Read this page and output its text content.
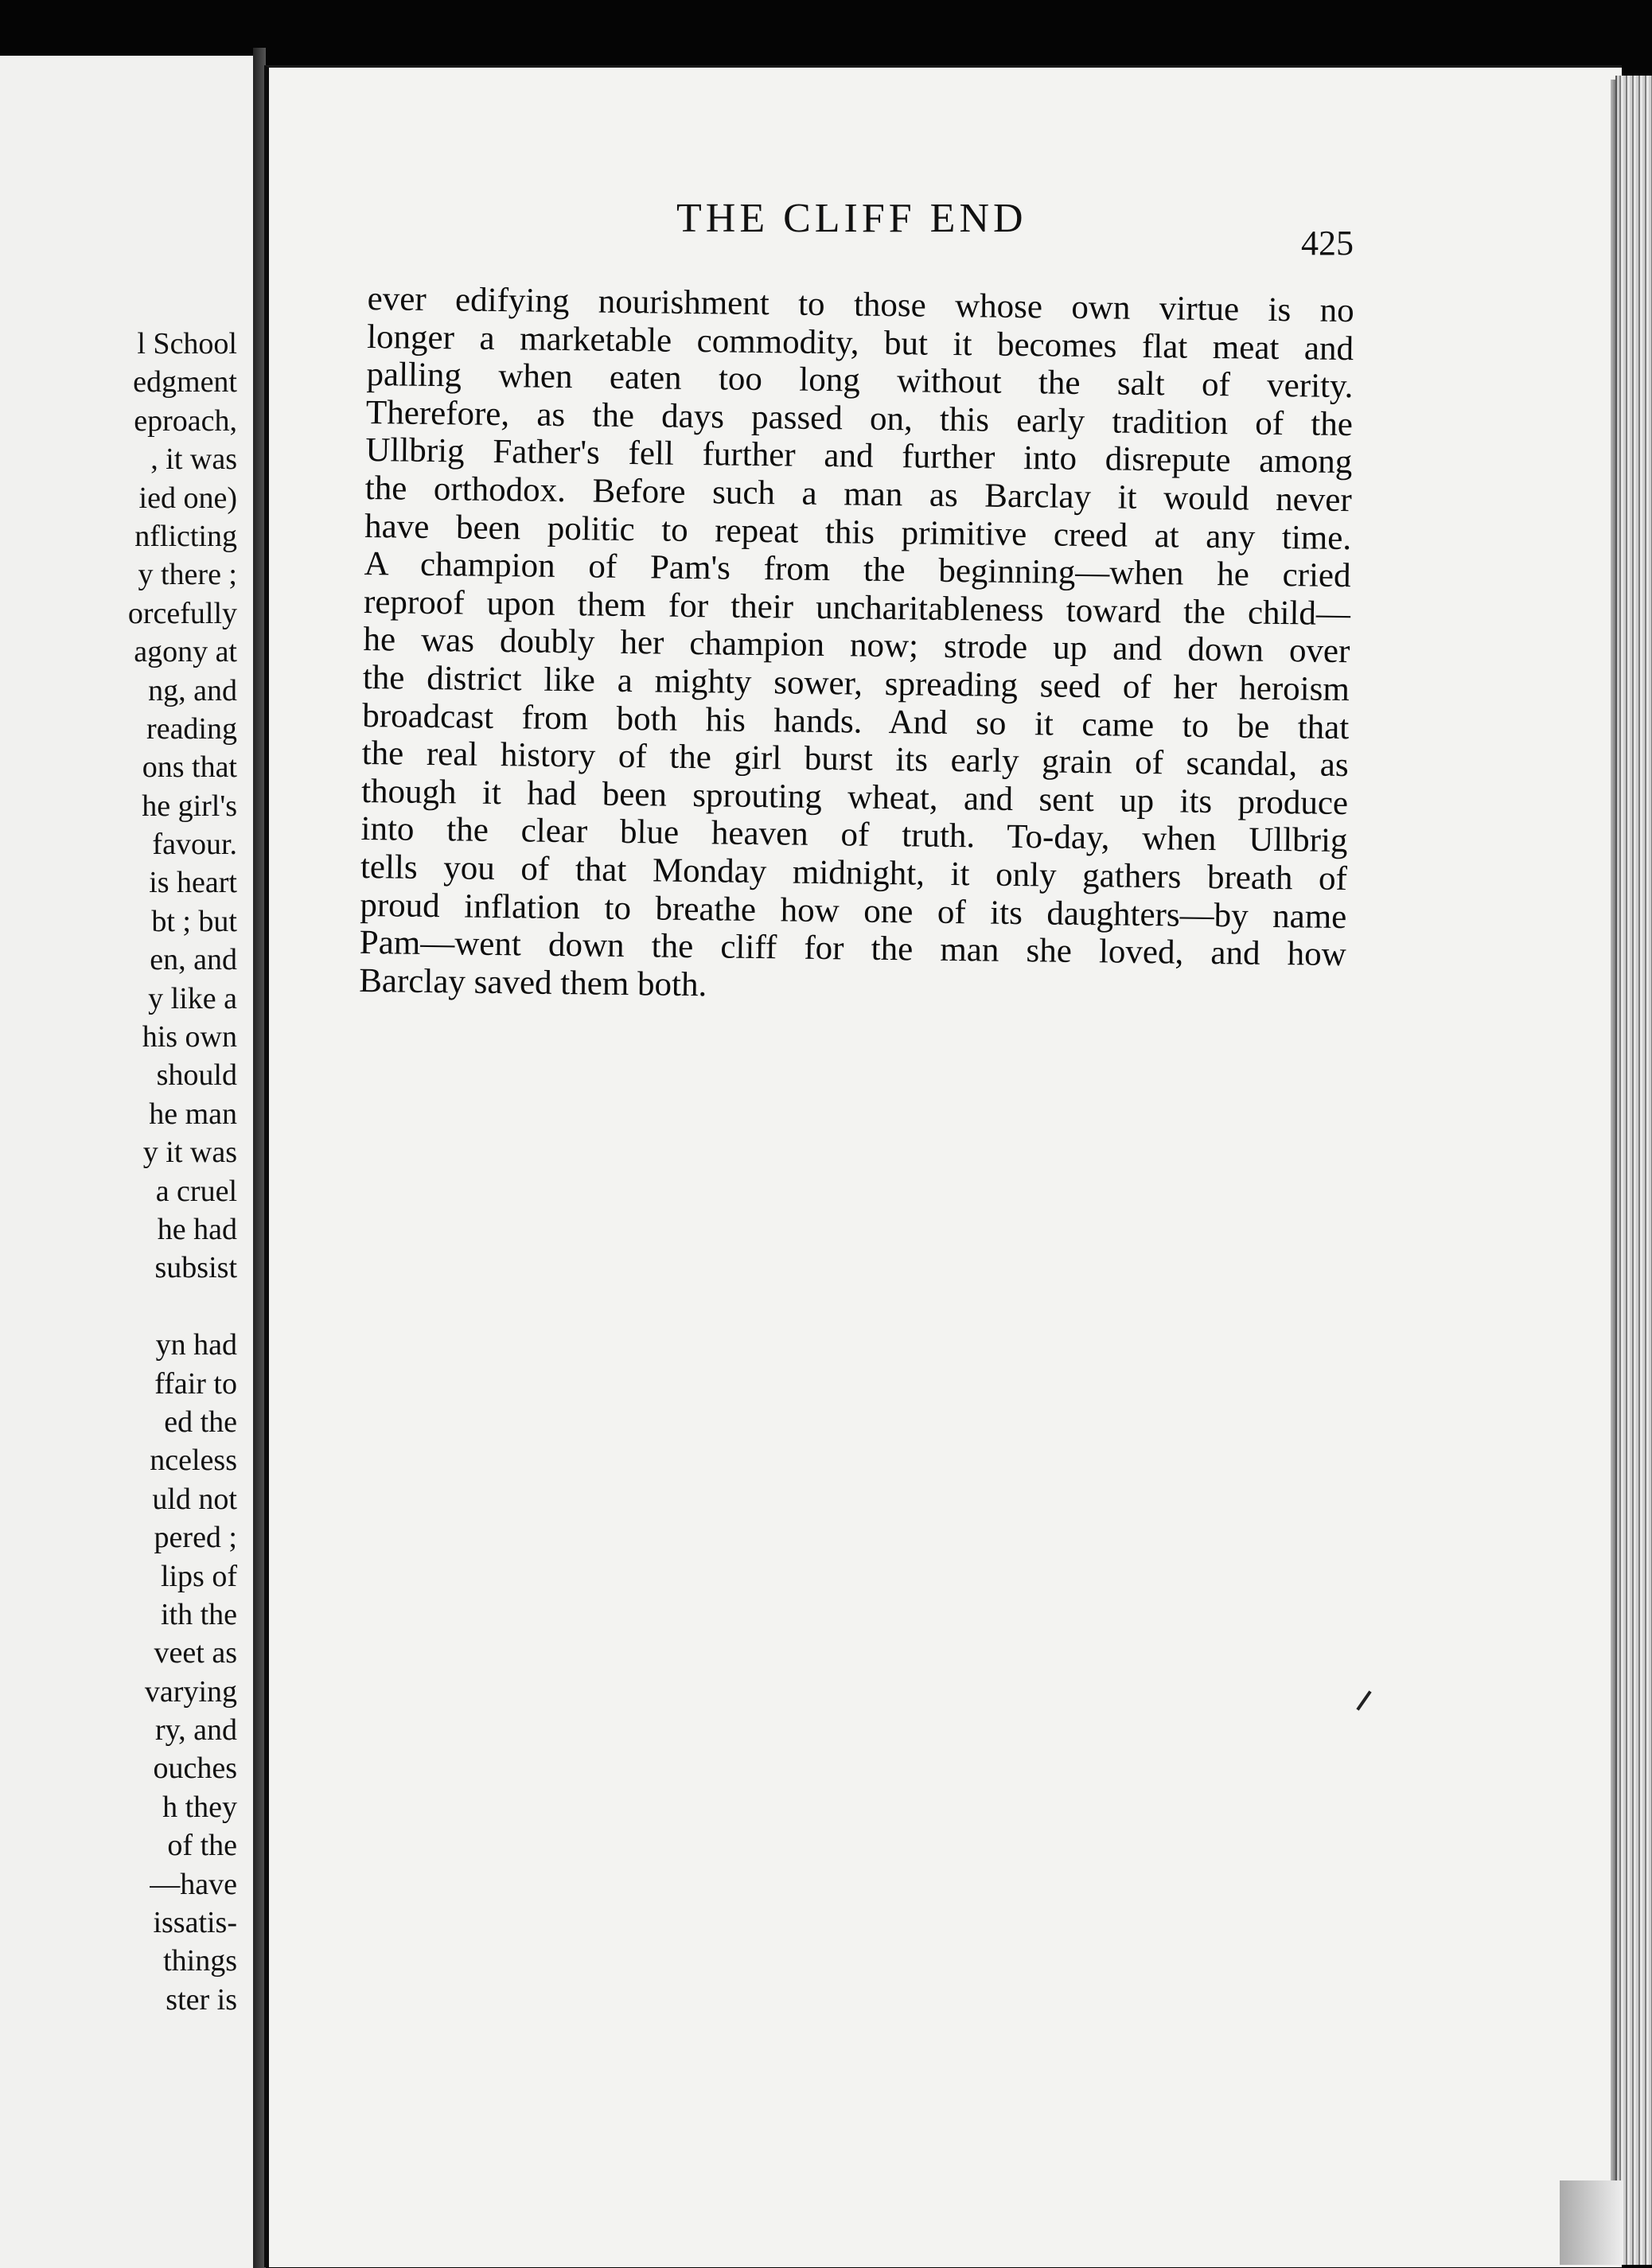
l School
edgment
eproach,
, it was
ied one)
nflicting
y there ;
orcefully
agony at
ng, and
reading
ons that
he girl's
favour.
is heart
bt ; but
en, and
y like a
his own
should
he man
y it was
a cruel
he had
subsist
yn had
ffair to
ed the
nceless
uld not
pered ;
lips of
ith the
veet as
varying
ry, and
ouches
h they
of the
—have
issatis-
things
ster is
THE CLIFF END
425
ever edifying nourishment to those whose own virtue is no
longer a marketable commodity, but it becomes flat meat and
palling when eaten too long without the salt of verity.
Therefore, as the days passed on, this early tradition of the
Ullbrig Father's fell further and further into disrepute among
the orthodox. Before such a man as Barclay it would never
have been politic to repeat this primitive creed at any time.
A champion of Pam's from the beginning—when he cried
reproof upon them for their uncharitableness toward the child—
he was doubly her champion now; strode up and down over
the district like a mighty sower, spreading seed of her heroism
broadcast from both his hands. And so it came to be that
the real history of the girl burst its early grain of scandal, as
though it had been sprouting wheat, and sent up its produce
into the clear blue heaven of truth. To-day, when Ullbrig
tells you of that Monday midnight, it only gathers breath of
proud inflation to breathe how one of its daughters—by name
Pam—went down the cliff for the man she loved, and how
Barclay saved them both.
